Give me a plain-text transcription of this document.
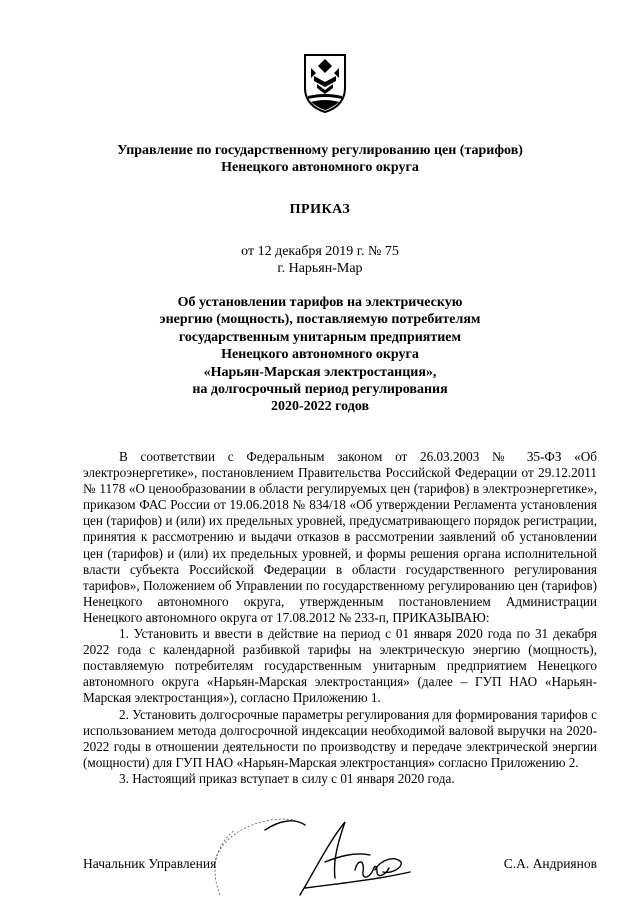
Управление по государственному регулированию цен (тарифов)
Ненецкого автономного округа
ПРИКАЗ
от 12 декабря 2019 г. № 75
г. Нарьян-Мар
Об установлении тарифов на электрическую
энергию (мощность), поставляемую потребителям
государственным унитарным предприятием
Ненецкого автономного округа
«Нарьян-Марская электростанция»,
на долгосрочный период регулирования
2020-2022 годов

В соответствии с Федеральным законом от 26.03.2003 № 35-ФЗ «Об электроэнергетике», постановлением Правительства Российской Федерации от 29.12.2011 № 1178 «О ценообразовании в области регулируемых цен (тарифов) в электроэнергетике», приказом ФАС России от 19.06.2018 № 834/18 «Об утверждении Регламента установления цен (тарифов) и (или) их предельных уровней, предусматривающего порядок регистрации, принятия к рассмотрению и выдачи отказов в рассмотрении заявлений об установлении цен (тарифов) и (или) их предельных уровней, и формы решения органа исполнительной власти субъекта Российской Федерации в области государственного регулирования тарифов», Положением об Управлении по государственному регулированию цен (тарифов) Ненецкого автономного округа, утвержденным постановлением Администрации Ненецкого автономного округа от 17.08.2012 № 233-п, ПРИКАЗЫВАЮ:

1. Установить и ввести в действие на период с 01 января 2020 года по 31 декабря 2022 года с календарной разбивкой тарифы на электрическую энергию (мощность), поставляемую потребителям государственным унитарным предприятием Ненецкого автономного округа «Нарьян-Марская электростанция» (далее – ГУП НАО «Нарьян-Марская электростанция»), согласно Приложению 1.

2. Установить долгосрочные параметры регулирования для формирования тарифов с использованием метода долгосрочной индексации необходимой валовой выручки на 2020-2022 годы в отношении деятельности по производству и передаче электрической энергии (мощности) для ГУП НАО «Нарьян-Марская электростанция» согласно Приложению 2.

3. Настоящий приказ вступает в силу с 01 января 2020 года.

Начальник Управления	С.А. Андриянов
